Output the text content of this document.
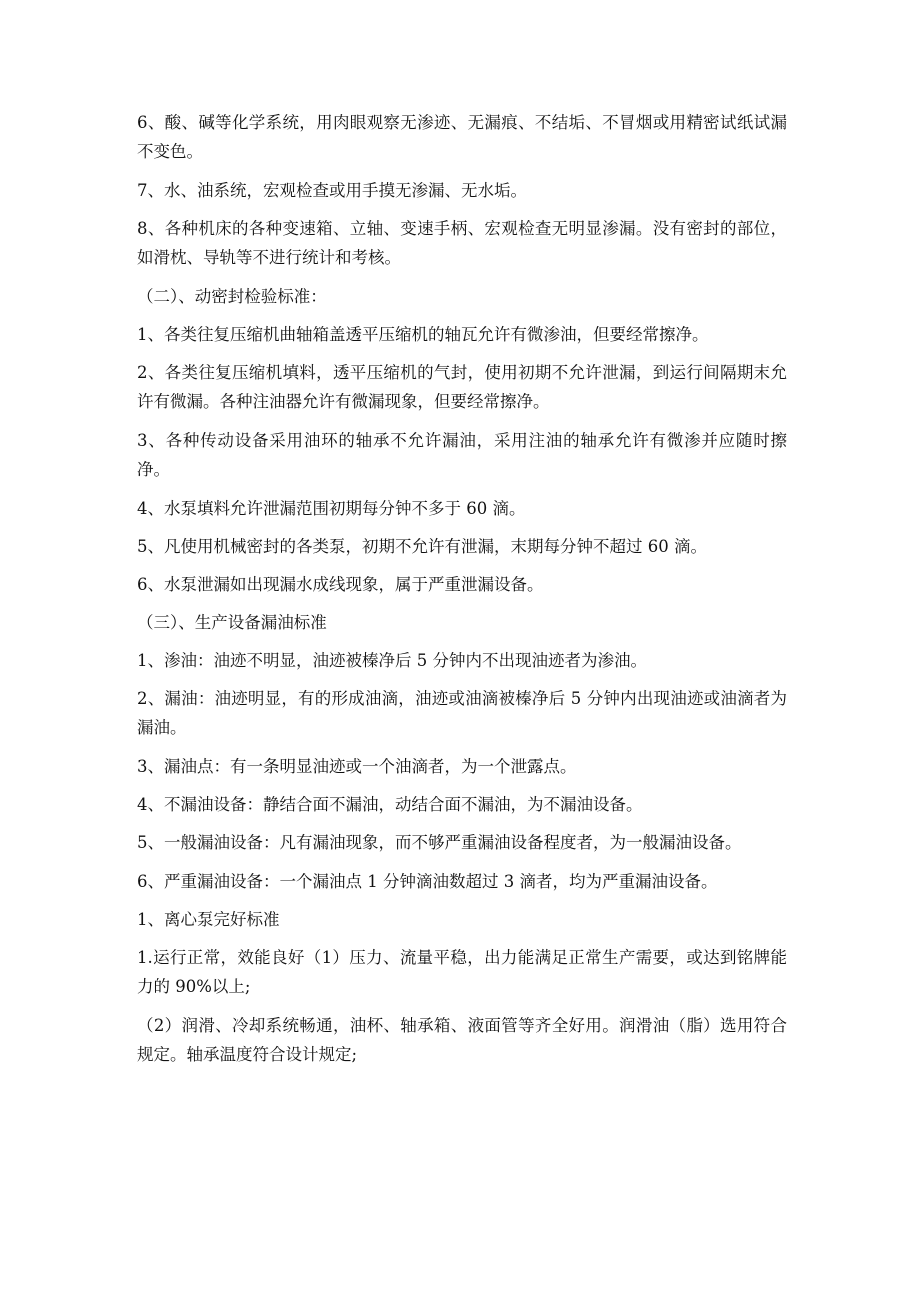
6、酸、碱等化学系统，用肉眼观察无渗迹、无漏痕、不结垢、不冒烟或用精密试纸试漏不变色。

7、水、油系统，宏观检查或用手摸无渗漏、无水垢。

8、各种机床的各种变速箱、立轴、变速手柄、宏观检查无明显渗漏。没有密封的部位，如滑枕、导轨等不进行统计和考核。

（二）、动密封检验标准：

1、各类往复压缩机曲轴箱盖透平压缩机的轴瓦允许有微渗油，但要经常擦净。

2、各类往复压缩机填料，透平压缩机的气封，使用初期不允许泄漏，到运行间隔期末允许有微漏。各种注油器允许有微漏现象，但要经常擦净。

3、各种传动设备采用油环的轴承不允许漏油，采用注油的轴承允许有微渗并应随时擦净。

4、水泵填料允许泄漏范围初期每分钟不多于 60 滴。

5、凡使用机械密封的各类泵，初期不允许有泄漏，末期每分钟不超过 60 滴。

6、水泵泄漏如出现漏水成线现象，属于严重泄漏设备。

（三）、生产设备漏油标准

1、渗油：油迹不明显，油迹被榛净后 5 分钟内不出现油迹者为渗油。

2、漏油：油迹明显，有的形成油滴，油迹或油滴被榛净后 5 分钟内出现油迹或油滴者为漏油。

3、漏油点：有一条明显油迹或一个油滴者，为一个泄露点。

4、不漏油设备：静结合面不漏油，动结合面不漏油，为不漏油设备。

5、一般漏油设备：凡有漏油现象，而不够严重漏油设备程度者，为一般漏油设备。

6、严重漏油设备：一个漏油点 1 分钟滴油数超过 3 滴者，均为严重漏油设备。

1、离心泵完好标准

1.运行正常，效能良好（1）压力、流量平稳，出力能满足正常生产需要，或达到铭牌能力的 90%以上;

（2）润滑、冷却系统畅通，油杯、轴承箱、液面管等齐全好用。润滑油（脂）选用符合规定。轴承温度符合设计规定;
